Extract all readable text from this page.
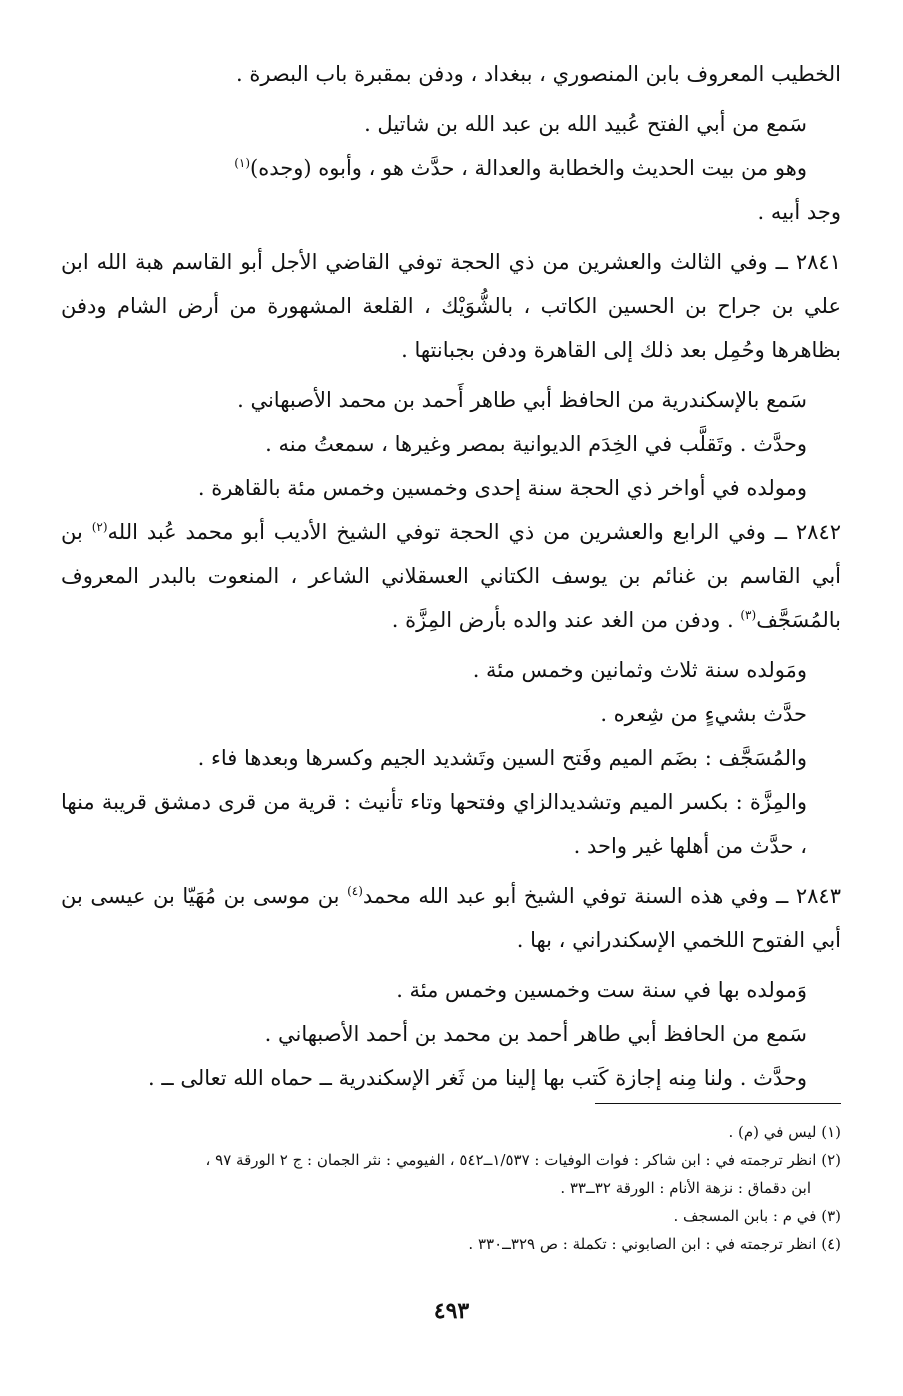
الخطيب المعروف بابن المنصوري ، ببغداد ، ودفن بمقبرة باب البصرة .

سَمع من أبي الفتح عُبيد الله بن عبد الله بن شاتيل .

وهو من بيت الحديث والخطابة والعدالة ، حدَّث هو ، وأبوه (وجده)$^{(١)}$

وجد أبيه .

٢٨٤١ ــ وفي الثالث والعشرين من ذي الحجة توفي القاضي الأجل أبو القاسم هبة الله ابن علي بن جراح بن الحسين الكاتب ، بالشُّوَيْك ، القلعة المشهورة من أرض الشام ودفن بظاهرها وحُمِل بعد ذلك إلى القاهرة ودفن بجبانتها .

سَمع بالإسكندرية من الحافظ أبي طاهر أَحمد بن محمد الأصبهاني .

وحدَّث . وتَقلَّب في الخِدَم الديوانية بمصر وغيرها ، سمعتُ منه .

ومولده في أواخر ذي الحجة سنة إحدى وخمسين وخمس مئة بالقاهرة .

٢٨٤٢ ــ وفي الرابع والعشرين من ذي الحجة توفي الشيخ الأديب أبو محمد عُبد الله$^{(٢)}$ بن أبي القاسم بن غنائم بن يوسف الكتاني العسقلاني الشاعر ، المنعوت بالبدر المعروف بالمُسَجَّف$^{(٣)}$ . ودفن من الغد عند والده بأرض المِزَّة .

ومَولده سنة ثلاث وثمانين وخمس مئة .

حدَّث بشيءٍ من شِعره .

والمُسَجَّف : بضَم الميم وفَتح السين وتَشديد الجيم وكسرها وبعدها فاء .

والمِزَّة : بكسر الميم وتشديدالزاي وفتحها وتاء تأنيث : قرية من قرى دمشق قريبة منها ، حدَّث من أهلها غير واحد .

٢٨٤٣ ــ وفي هذه السنة توفي الشيخ أبو عبد الله محمد$^{(٤)}$ بن موسى بن مُهَيّا بن عيسى بن أبي الفتوح اللخمي الإسكندراني ، بها .

وَمولده بها في سنة ست وخمسين وخمس مئة .

سَمع من الحافظ أبي طاهر أحمد بن محمد بن أحمد الأصبهاني .

وحدَّث . ولنا مِنه إجازة كَتب بها إلينا من ثَغر الإسكندرية ــ حماه الله تعالى ــ .

(١) ليس في (م) .

(٢) انظر ترجمته في : ابن شاكر : فوات الوفيات : ١/٥٣٧ــ٥٤٢ ، الفيومي : نثر الجمان : ج ٢ الورقة ٩٧ ،

ابن دقماق : نزهة الأنام : الورقة ٣٢ــ٣٣ .

(٣) في م : بابن المسجف .

(٤) انظر ترجمته في : ابن الصابوني : تكملة : ص ٣٢٩ــ٣٣٠ .

٤٩٣
